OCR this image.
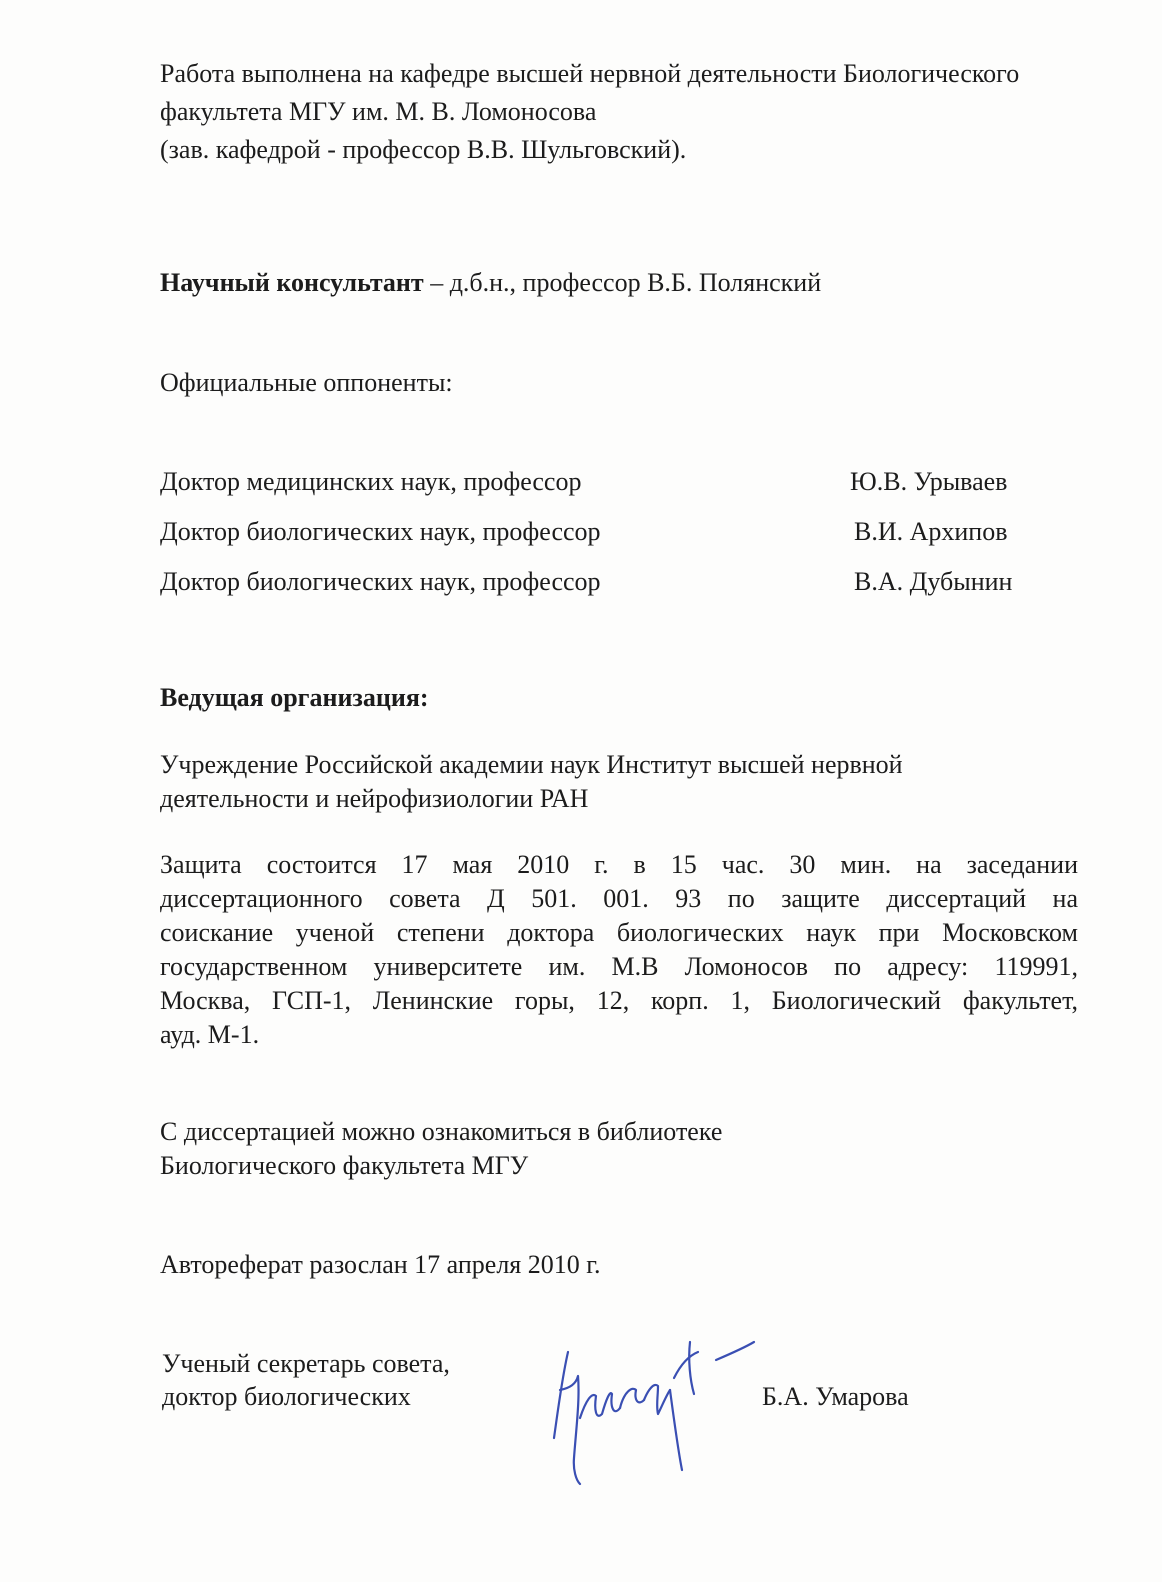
Работа выполнена на кафедре высшей нервной деятельности Биологического
факультета МГУ им. М. В. Ломоносова
(зав. кафедрой - профессор В.В. Шульговский).
Научный консультант – д.б.н., профессор В.Б. Полянский
Официальные оппоненты:
Доктор медицинских наук, профессор	Ю.В. Урываев
Доктор биологических наук, профессор	В.И. Архипов
Доктор биологических наук, профессор	В.А. Дубынин
Ведущая организация:
Учреждение Российской академии наук Институт высшей нервной
деятельности и нейрофизиологии РАН
Защита состоится 17 мая 2010 г. в 15 час. 30 мин. на заседании
диссертационного совета Д 501. 001. 93 по защите диссертаций на
соискание ученой степени доктора биологических наук при Московском
государственном университете им. М.В Ломоносов по адресу: 119991,
Москва, ГСП-1, Ленинские горы, 12, корп. 1, Биологический факультет,
ауд. М-1.
С диссертацией можно ознакомиться в библиотеке
Биологического факультета МГУ
Автореферат разослан 17 апреля 2010 г.
Ученый секретарь совета,
доктор биологических	Б.А. Умарова
